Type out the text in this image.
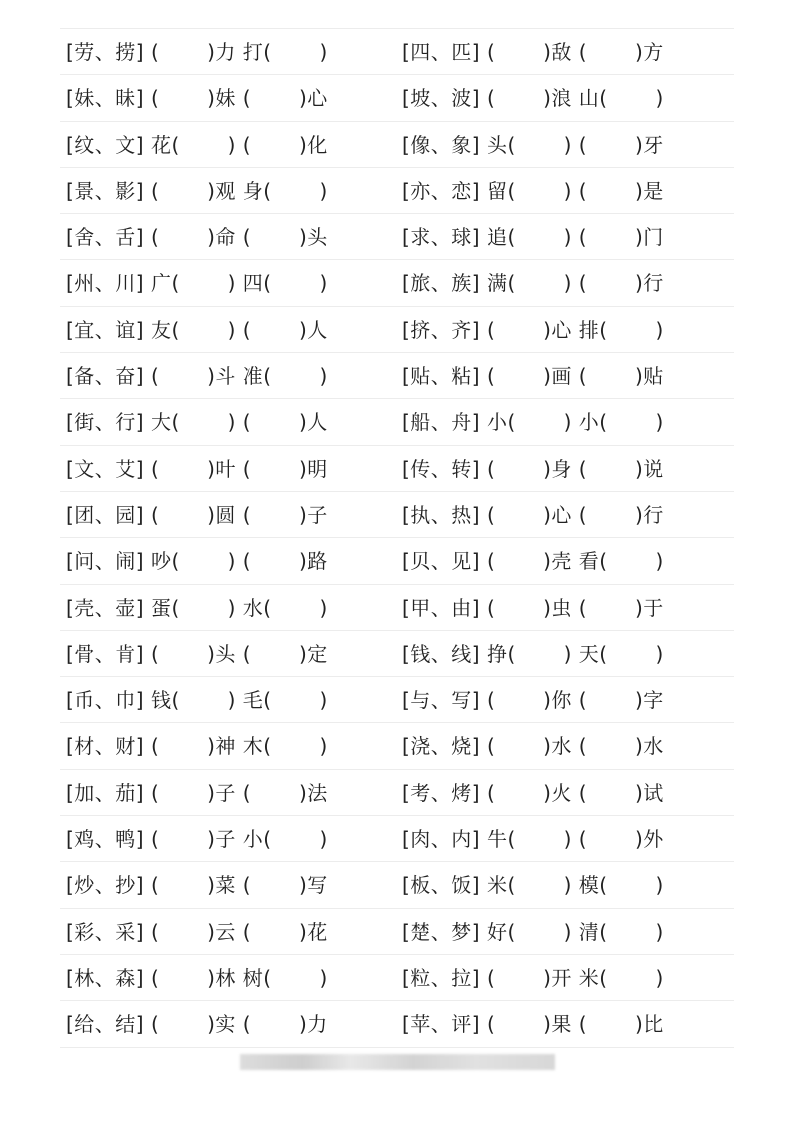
[劳、捞] (　　 )力 打(　　 )	[四、匹] (　　 )敌 (　　 )方
[妹、昧] (　　 )妹 (　　 )心	[坡、波] (　　 )浪 山(　　 )
[纹、文] 花(　　 ) (　　 )化	[像、象] 头(　　 ) (　　 )牙
[景、影] (　　 )观 身(　　 )	[亦、恋] 留(　　 ) (　　 )是
[舍、舌] (　　 )命 (　　 )头	[求、球] 追(　　 ) (　　 )门
[州、川] 广(　　 ) 四(　　 )	[旅、族] 满(　　 ) (　　 )行
[宜、谊] 友(　　 ) (　　 )人	[挤、齐] (　　 )心 排(　　 )
[备、奋] (　　 )斗 准(　　 )	[贴、粘] (　　 )画 (　　 )贴
[街、行] 大(　　 ) (　　 )人	[船、舟] 小(　　 ) 小(　　 )
[文、艾] (　　 )叶 (　　 )明	[传、转] (　　 )身 (　　 )说
[团、园] (　　 )圆 (　　 )子	[执、热] (　　 )心 (　　 )行
[问、闹] 吵(　　 ) (　　 )路	[贝、见] (　　 )壳 看(　　 )
[壳、壶] 蛋(　　 ) 水(　　 )	[甲、由] (　　 )虫 (　　 )于
[骨、肯] (　　 )头 (　　 )定	[钱、线] 挣(　　 ) 天(　　 )
[币、巾] 钱(　　 ) 毛(　　 )	[与、写] (　　 )你 (　　 )字
[材、财] (　　 )神 木(　　 )	[浇、烧] (　　 )水 (　　 )水
[加、茄] (　　 )子 (　　 )法	[考、烤] (　　 )火 (　　 )试
[鸡、鸭] (　　 )子 小(　　 )	[肉、内] 牛(　　 ) (　　 )外
[炒、抄] (　　 )菜 (　　 )写	[板、饭] 米(　　 ) 模(　　 )
[彩、采] (　　 )云 (　　 )花	[楚、梦] 好(　　 ) 清(　　 )
[林、森] (　　 )林 树(　　 )	[粒、拉] (　　 )开 米(　　 )
[给、结] (　　 )实 (　　 )力	[苹、评] (　　 )果 (　　 )比
